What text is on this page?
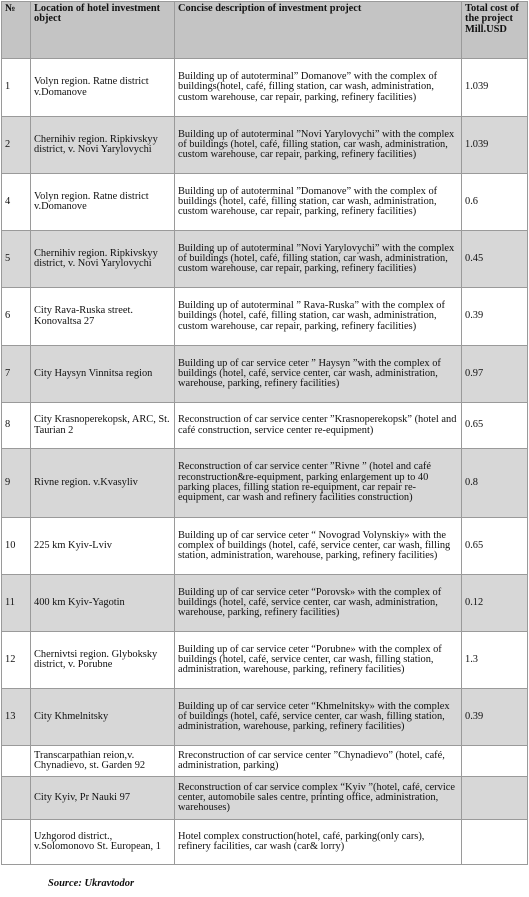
№	Location of hotel investment object	Concise description of investment project	Total cost of the project Mill.USD
1	Volyn region. Ratne district v.Domanove	Building up of autoterminal” Domanove” with the complex of buildings(hotel, café, filling station, car wash, administration, custom warehouse, car repair, parking, refinery facilities)	1.039
2	Chernihiv region. Ripkivskyy district, v. Novi Yarylovychi	Building up of autoterminal ”Novi Yarylovychi” with the complex of buildings (hotel, café, filling station, car wash, administration, custom warehouse, car repair, parking, refinery facilities)	1.039
4	Volyn region. Ratne district v.Domanove	Building up of autoterminal ”Domanove” with the complex of buildings (hotel, café, filling station, car wash, administration, custom warehouse, car repair, parking, refinery facilities)	0.6
5	Chernihiv region. Ripkivskyy district, v. Novi Yarylovychi	Building up of autoterminal ”Novi Yarylovychi” with the complex of buildings (hotel, café, filling station, car wash, administration, custom warehouse, car repair, parking, refinery facilities)	0.45
6	City Rava-Ruska street. Konovaltsa 27	Building up of autoterminal ” Rava-Ruska” with the complex of buildings (hotel, café, filling station, car wash, administration, custom warehouse, car repair, parking, refinery facilities)	0.39
7	City Haysyn Vinnitsa region	Building up of car service ceter ” Haysyn ”with the complex of buildings (hotel, café, service center, car wash, administration, warehouse, parking, refinery facilities)	0.97
8	City Krasnoperekopsk, ARC, St. Taurian 2	Reconstruction of car service center ”Krasnoperekopsk” (hotel and café construction, service center re-equipment)	0.65
9	Rivne region. v.Kvasyliv	Reconstruction of car service center ”Rivne ” (hotel and café reconstruction&re-equipment, parking enlargement up to 40 parking places, filling station re-equipment, car repair re-equipment, car wash and refinery facilities construction)	0.8
10	225 km Kyiv-Lviv	Building up of car service ceter “ Novograd Volynskiy» with the complex of buildings (hotel, café, service center, car wash, filling station, administration, warehouse, parking, refinery facilities)	0.65
11	400 km Kyiv-Yagotin	Building up of car service ceter “Porovsk» with the complex of buildings (hotel, café, service center, car wash, administration, warehouse, parking, refinery facilities)	0.12
12	Chernivtsi region. Glybokskу district, v. Porubne	Building up of car service ceter “Porubne» with the complex of buildings (hotel, café, service center, car wash, filling station, administration, warehouse, parking, refinery facilities)	1.3
13	City Khmelnitsky	Building up of car service ceter “Khmelnitsky» with the complex of buildings (hotel, café, service center, car wash, filling station, administration, warehouse, parking, refinery facilities)	0.39
	Transcarpathian reion,v. Chynadievo, st. Garden 92	Rreconstruction of car service center ”Chynadievo” (hotel, café, administration, parking)	
	City Kyiv, Pr Nauki 97	Reconstruction of car service complex “Kyiv ”(hotel, café, cervice center, automobile sales centre, printing office, administration, warehouses)	
	Uzhgorod district., v.Solomonovo St. European, 1	Hotel complex construction(hotel, café, parking(only cars), refinery facilities, car wash (car& lorry)	
Source: Ukravtodor
